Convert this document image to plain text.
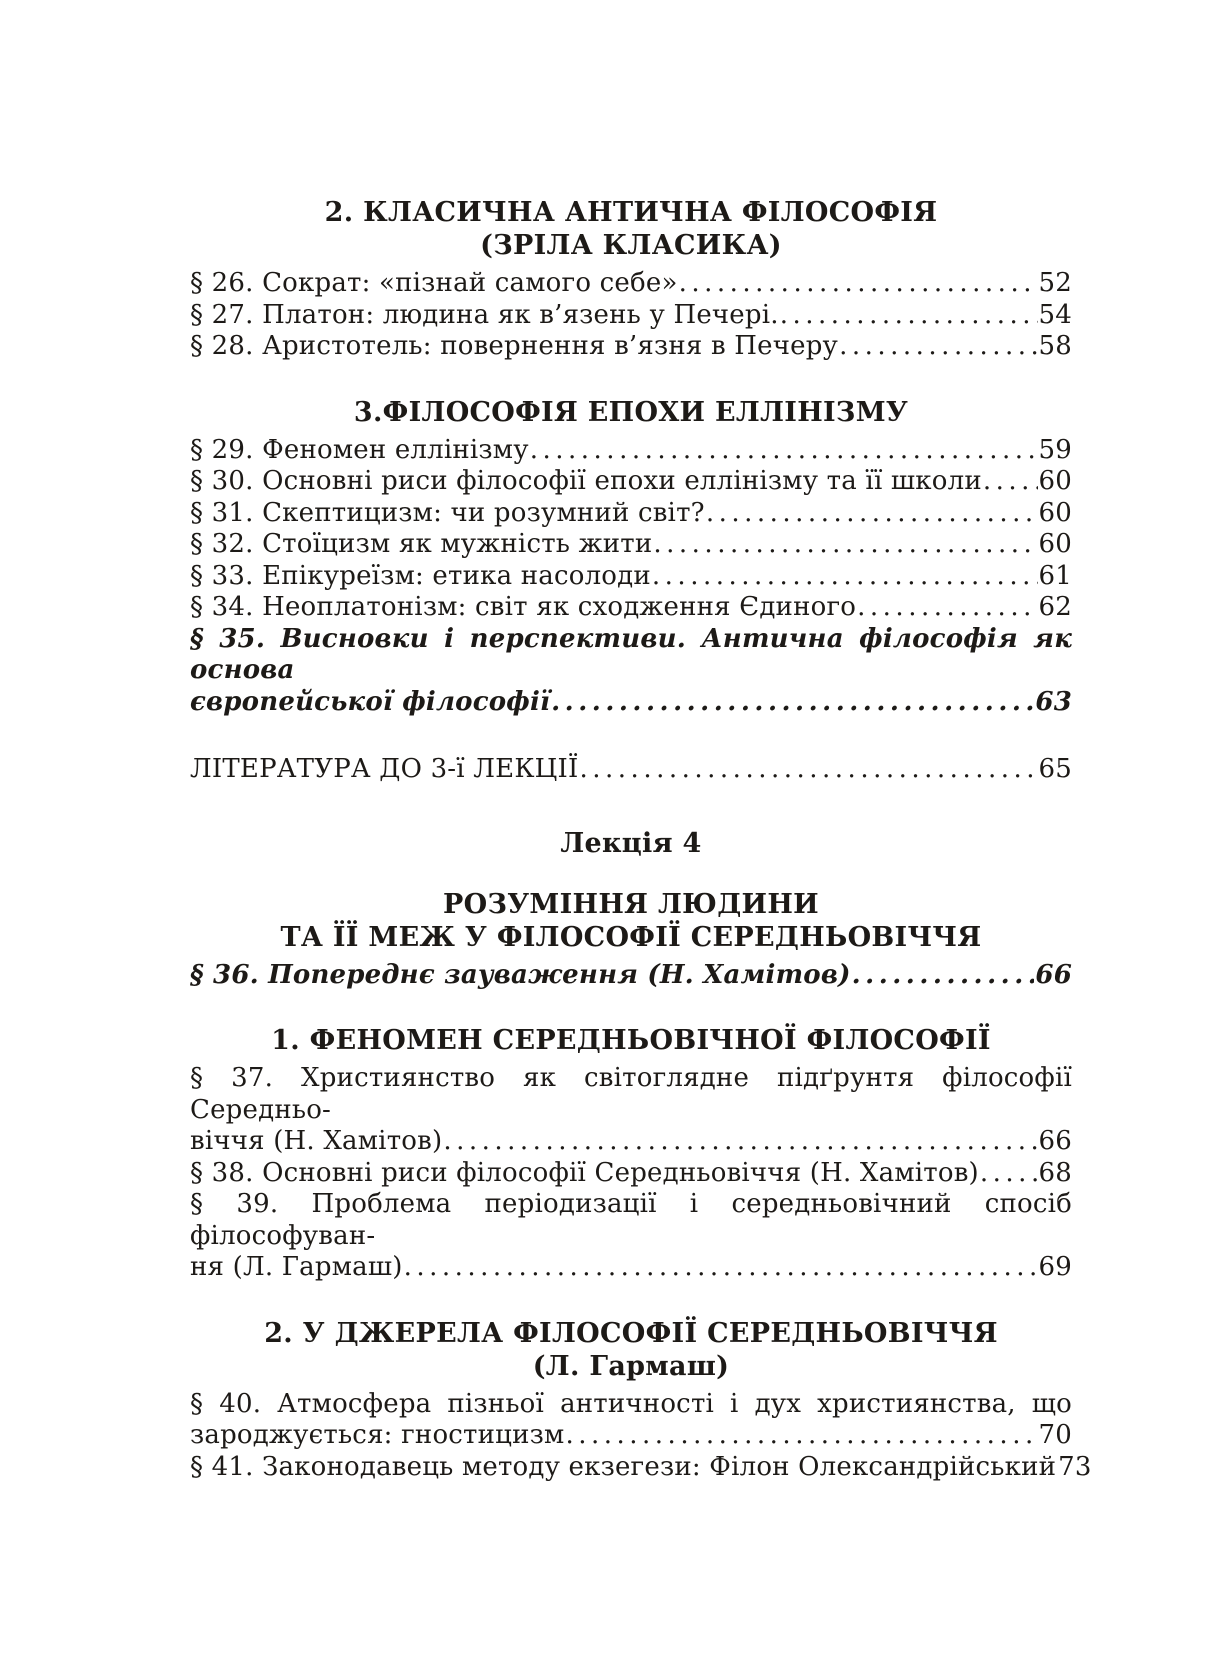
2. КЛАСИЧНА АНТИЧНА ФІЛОСОФІЯ
(ЗРІЛА КЛАСИКА)
§ 26. Сократ: «пізнай самого себе» .....	52
§ 27. Платон: людина як в’язень у Печері. .....	54
§ 28. Аристотель: повернення в’язня в Печеру .....	58
3.ФІЛОСОФІЯ ЕПОХИ ЕЛЛІНІЗМУ
§ 29. Феномен еллінізму .....	59
§ 30. Основні риси філософії епохи еллінізму та її школи ..... 60
§ 31. Скептицизм: чи розумний світ? .....	60
§ 32. Стоїцизм як мужність жити .....	60
§ 33. Епікуреїзм: етика насолоди .....	61
§ 34. Неоплатонізм: світ як сходження Єдиного .....	62
§ 35. Висновки і перспективи. Антична філософія як основа
європейської філософії .....	63
ЛІТЕРАТУРА ДО 3-ї ЛЕКЦІЇ .....	65
Лекція 4
РОЗУМІННЯ ЛЮДИНИ
ТА ЇЇ МЕЖ У ФІЛОСОФІЇ СЕРЕДНЬОВІЧЧЯ
§ 36. Попереднє зауваження (Н. Хамітов) .....	66
1. ФЕНОМЕН СЕРЕДНЬОВІЧНОЇ ФІЛОСОФІЇ
§ 37. Християнство як світоглядне підґрунтя філософії Середньо-
віччя (Н. Хамітов) .....	66
§ 38. Основні риси філософії Середньовіччя (Н. Хамітов) ..... 68
§ 39. Проблема періодизації і середньовічний спосіб філософуван-
ня (Л. Гармаш) .....	69
2. У ДЖЕРЕЛА ФІЛОСОФІЇ СЕРЕДНЬОВІЧЧЯ
(Л. Гармаш)
§ 40. Атмосфера пізньої античності і дух християнства, що
зароджується: гностицизм .....	70
§ 41. Законодавець методу екзегези: Філон Олександрійський 73
